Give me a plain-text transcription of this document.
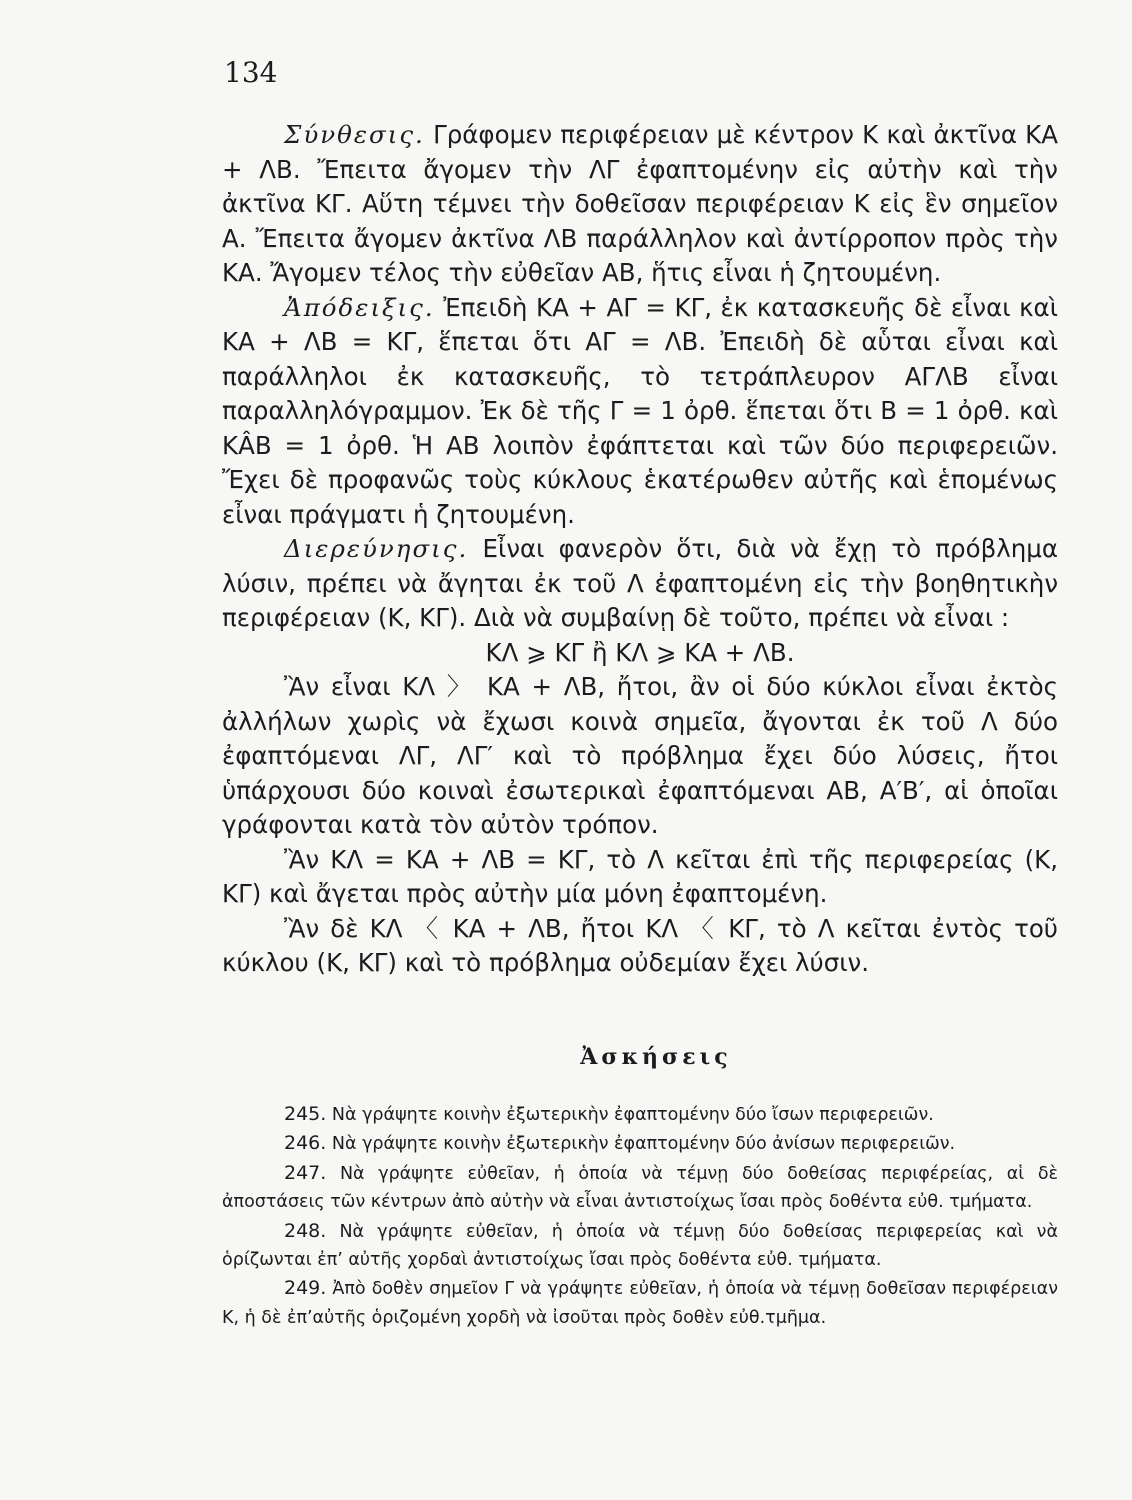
134

Σύνθεσις. Γράφομεν περιφέρειαν μὲ κέντρον Κ καὶ ἀκτῖνα ΚΑ + ΛΒ. Ἔπειτα ἄγομεν τὴν ΛΓ ἐφαπτομένην εἰς αὐτὴν καὶ τὴν ἀκτῖνα ΚΓ. Αὕτη τέμνει τὴν δοθεῖσαν περιφέρειαν Κ εἰς ἓν σημεῖον Α. Ἔπειτα ἄγομεν ἀκτῖνα ΛΒ παράλληλον καὶ ἀντίρροπον πρὸς τὴν ΚΑ. Ἄγομεν τέλος τὴν εὐθεῖαν ΑΒ, ἥτις εἶναι ἡ ζητουμένη.

Ἀπόδειξις. Ἐπειδὴ ΚΑ + ΑΓ = ΚΓ, ἐκ κατασκευῆς δὲ εἶναι καὶ ΚΑ + ΛΒ = ΚΓ, ἕπεται ὅτι ΑΓ = ΛΒ. Ἐπειδὴ δὲ αὗται εἶναι καὶ παράλληλοι ἐκ κατασκευῆς, τὸ τετράπλευρον ΑΓΛΒ εἶναι παραλληλόγραμμον. Ἐκ δὲ τῆς Γ = 1 ὀρθ. ἕπεται ὅτι Β = 1 ὀρθ. καὶ ΚÂΒ = 1 ὀρθ. Ἡ ΑΒ λοιπὸν ἐφάπτεται καὶ τῶν δύο περιφερειῶν. Ἔχει δὲ προφανῶς τοὺς κύκλους ἑκατέρωθεν αὐτῆς καὶ ἑπομένως εἶναι πράγματι ἡ ζητουμένη.

Διερεύνησις. Εἶναι φανερὸν ὅτι, διὰ νὰ ἔχῃ τὸ πρόβλημα λύσιν, πρέπει νὰ ἄγηται ἐκ τοῦ Λ ἐφαπτομένη εἰς τὴν βοηθητικὴν περιφέρειαν (Κ, ΚΓ). Διὰ νὰ συμβαίνῃ δὲ τοῦτο, πρέπει νὰ εἶναι :

ΚΛ ⩾ ΚΓ ἢ ΚΛ ⩾ ΚΑ + ΛΒ.

Ἂν εἶναι ΚΛ 〉 ΚΑ + ΛΒ, ἤτοι, ἂν οἱ δύο κύκλοι εἶναι ἐκτὸς ἀλλήλων χωρὶς νὰ ἔχωσι κοινὰ σημεῖα, ἄγονται ἐκ τοῦ Λ δύο ἐφαπτόμεναι ΛΓ, ΛΓ′ καὶ τὸ πρόβλημα ἔχει δύο λύσεις, ἤτοι ὑπάρχουσι δύο κοιναὶ ἐσωτερικαὶ ἐφαπτόμεναι ΑΒ, Α′Β′, αἱ ὁποῖαι γράφονται κατὰ τὸν αὐτὸν τρόπον.

Ἂν ΚΛ = ΚΑ + ΛΒ = ΚΓ, τὸ Λ κεῖται ἐπὶ τῆς περιφερείας (Κ, ΚΓ) καὶ ἄγεται πρὸς αὐτὴν μία μόνη ἐφαπτομένη.

Ἂν δὲ ΚΛ 〈 ΚΑ + ΛΒ, ἤτοι ΚΛ 〈 ΚΓ, τὸ Λ κεῖται ἐντὸς τοῦ κύκλου (Κ, ΚΓ) καὶ τὸ πρόβλημα οὐδεμίαν ἔχει λύσιν.

Ἀσκήσεις

245. Νὰ γράψητε κοινὴν ἐξωτερικὴν ἐφαπτομένην δύο ἴσων περιφερειῶν.

246. Νὰ γράψητε κοινὴν ἐξωτερικὴν ἐφαπτομένην δύο ἀνίσων περιφερειῶν.

247. Νὰ γράψητε εὐθεῖαν, ἡ ὁποία νὰ τέμνῃ δύο δοθείσας περιφέρείας, αἱ δὲ ἀποστάσεις τῶν κέντρων ἀπὸ αὐτὴν νὰ εἶναι ἀντιστοίχως ἴσαι πρὸς δοθέντα εὐθ. τμήματα.

248. Νὰ γράψητε εὐθεῖαν, ἡ ὁποία νὰ τέμνῃ δύο δοθείσας περιφερείας καὶ νὰ ὁρίζωνται ἐπ’ αὐτῆς χορδαὶ ἀντιστοίχως ἴσαι πρὸς δοθέντα εὐθ. τμήματα.

249. Ἀπὸ δοθὲν σημεῖον Γ νὰ γράψητε εὐθεῖαν, ἡ ὁποία νὰ τέμνῃ δοθεῖσαν περιφέρειαν Κ, ἡ δὲ ἐπ’αὐτῆς ὁριζομένη χορδὴ νὰ ἰσοῦται πρὸς δοθὲν εὐθ.τμῆμα.
